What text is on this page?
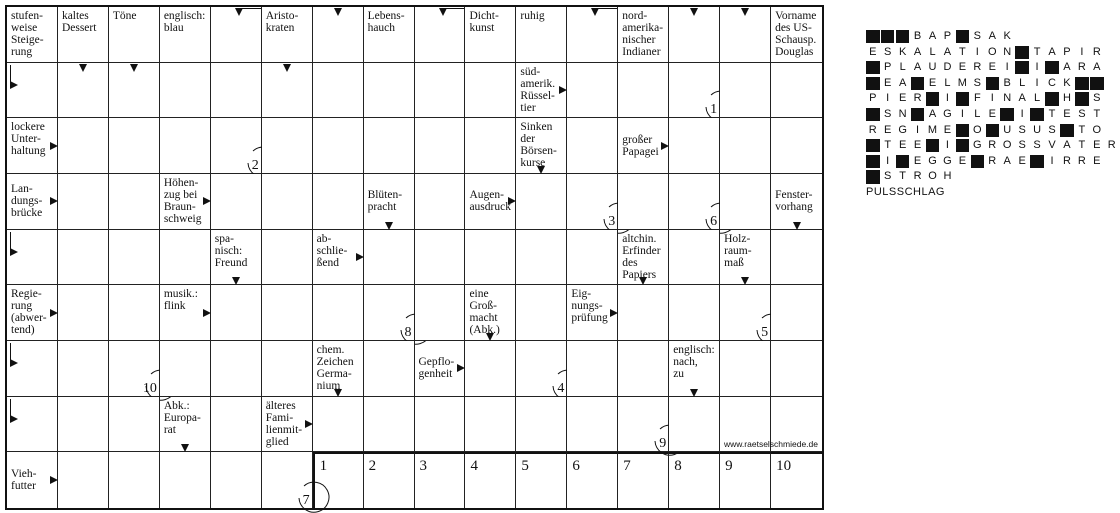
stufen-
weise
Steige-
rung
kaltes
Dessert
Töne	englisch:
blau
Aristo-
kraten
Lebens-
hauch
Dicht-
kunst
ruhig	nord-
amerika-
nischer
Indianer
Vorname
des US-
Schausp.
Douglas
süd-
amerik.
Rüssel-
tier	1
lockere
Unter-
haltung
2
Sinken
der
Börsen-
kurse
großer
Papagei
Lan-
dungs-
brücke
Höhen-
zug bei
Braun-
schweig
Blüten-
pracht
Augen-
ausdruck
3	6
Fenster-
vorhang
spa-
nisch:
Freund
ab-
schlie-
ßend
altchin.
Erfinder
des
Papiers
Holz-
raum-
maß
Regie-
rung
(abwer-
tend)
musik.:
flink
8
eine
Groß-
macht
(Abk.)
Eig-
nungs-
prüfung
5
10
chem.
Zeichen
Germa-
nium
Gepflo-
genheit
4
englisch:
nach,
zu
Abk.:
Europa-
rat
älteres
Fami-
lienmit-
glied	9	www.raetselschmiede.de
Vieh-
futter
7
1	2	3	4	5	6	7	8	9	10
B A P S A K
E S K A L A T I O N	T A P I R
P L A U D E R E I	I	A R A
E A E L M S B L I C K
P I E R	I	F I N A L	H S
S N A G I L E	I	T E S T
R E G I M E O U S U S	T O
T E E	I	G R O S S V A T E R
I	E G G E R A E	I R R E
S T R O H
PULSSCHLAG
